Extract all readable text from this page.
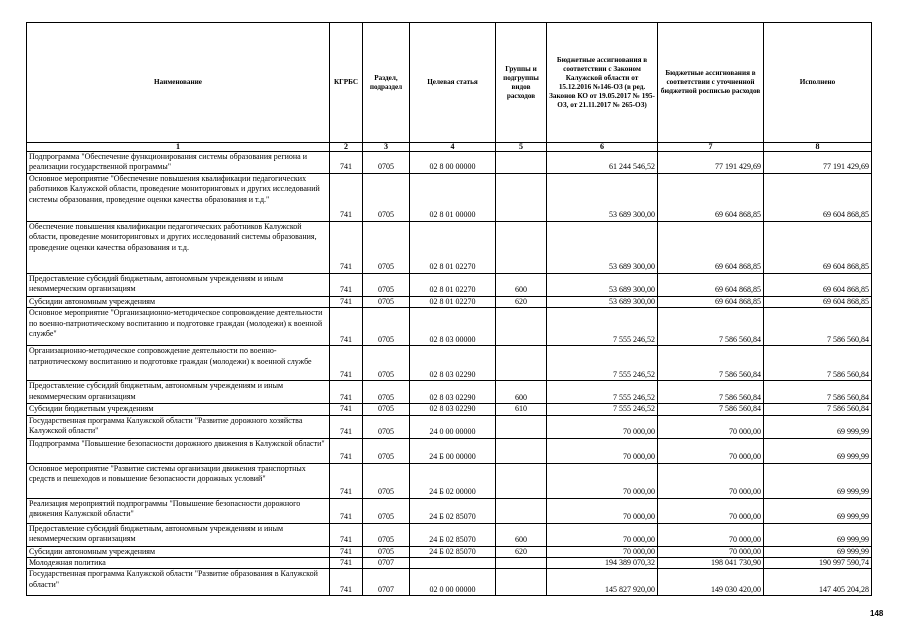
Наименование	КГРБС	Раздел, подраздел	Целевая статья	Группы и подгруппы видов расходов	Бюджетные ассигнования в соответствии с Законом Калужской области от 15.12.2016 №146-ОЗ (в ред. Законов КО от 19.05.2017 № 195-ОЗ, от 21.11.2017 № 265-ОЗ)	Бюджетные ассигнования в соответствии с уточненной бюджетной росписью расходов	Исполнено
1	2	3	4	5	6	7	8
Подпрограмма "Обеспечение функционирования системы образования региона и реализации государственной программы"	741	0705	02 8 00 00000		61 244 546,52	77 191 429,69	77 191 429,69
Основное мероприятие "Обеспечение повышения квалификации педагогических работников Калужской области, проведение мониторинговых и других исследований системы образования, проведение оценки качества образования и т.д."	741	0705	02 8 01 00000		53 689 300,00	69 604 868,85	69 604 868,85
Обеспечение повышения квалификации педагогических работников Калужской области, проведение мониторинговых и других исследований системы образования, проведение оценки качества образования и т.д.	741	0705	02 8 01 02270		53 689 300,00	69 604 868,85	69 604 868,85
Предоставление субсидий бюджетным, автономным учреждениям и иным некоммерческим организациям	741	0705	02 8 01 02270	600	53 689 300,00	69 604 868,85	69 604 868,85
Субсидии автономным учреждениям	741	0705	02 8 01 02270	620	53 689 300,00	69 604 868,85	69 604 868,85
Основное мероприятие "Организационно-методическое сопровождение деятельности по военно-патриотическому воспитанию и подготовке граждан (молодежи) к военной службе"	741	0705	02 8 03 00000		7 555 246,52	7 586 560,84	7 586 560,84
Организационно-методическое сопровождение деятельности по военно-патриотическому воспитанию и подготовке граждан (молодежи) к военной службе	741	0705	02 8 03 02290		7 555 246,52	7 586 560,84	7 586 560,84
Предоставление субсидий бюджетным, автономным учреждениям и иным некоммерческим организациям	741	0705	02 8 03 02290	600	7 555 246,52	7 586 560,84	7 586 560,84
Субсидии бюджетным учреждениям	741	0705	02 8 03 02290	610	7 555 246,52	7 586 560,84	7 586 560,84
Государственная программа Калужской области "Развитие дорожного хозяйства Калужской области"	741	0705	24 0 00 00000		70 000,00	70 000,00	69 999,99
Подпрограмма "Повышение безопасности дорожного движения в Калужской области"	741	0705	24 Б 00 00000		70 000,00	70 000,00	69 999,99
Основное мероприятие "Развитие системы организации движения транспортных средств и пешеходов и повышение безопасности дорожных условий"	741	0705	24 Б 02 00000		70 000,00	70 000,00	69 999,99
Реализация мероприятий подпрограммы "Повышение безопасности дорожного движения Калужской области"	741	0705	24 Б 02 85070		70 000,00	70 000,00	69 999,99
Предоставление субсидий бюджетным, автономным учреждениям и иным некоммерческим организациям	741	0705	24 Б 02 85070	600	70 000,00	70 000,00	69 999,99
Субсидии автономным учреждениям	741	0705	24 Б 02 85070	620	70 000,00	70 000,00	69 999,99
Молодежная политика	741	0707			194 389 070,32	198 041 730,90	190 997 590,74
Государственная программа Калужской области "Развитие образования в Калужской области"	741	0707	02 0 00 00000		145 827 920,00	149 030 420,00	147 405 204,28
148
